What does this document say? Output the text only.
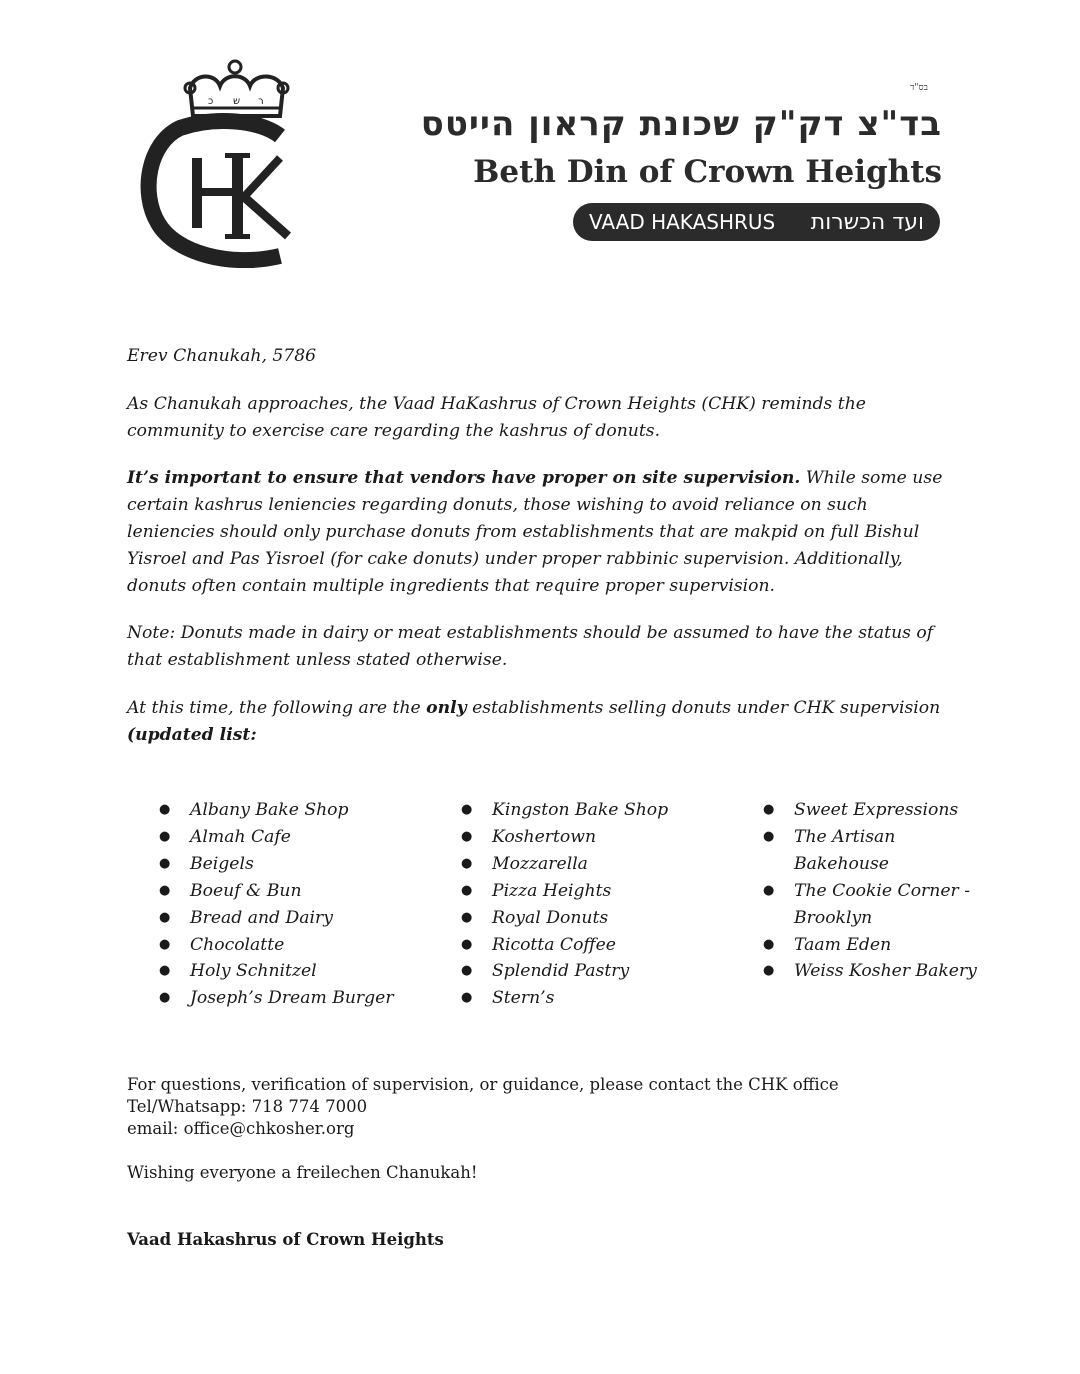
כ ש ר
בס"ד
בד"צ דק"ק שכונת קראון הייטס
Beth Din of Crown Heights
VAAD HAKASHRUS ועד הכשרות

Erev Chanukah, 5786

As Chanukah approaches, the Vaad HaKashrus of Crown Heights (CHK) reminds the community to exercise care regarding the kashrus of donuts.

It’s important to ensure that vendors have proper on site supervision. While some use certain kashrus leniencies regarding donuts, those wishing to avoid reliance on such leniencies should only purchase donuts from establishments that are makpid on full Bishul Yisroel and Pas Yisroel (for cake donuts) under proper rabbinic supervision. Additionally, donuts often contain multiple ingredients that require proper supervision.

Note: Donuts made in dairy or meat establishments should be assumed to have the status of that establishment unless stated otherwise.

At this time, the following are the only establishments selling donuts under CHK supervision (updated list:

● Albany Bake Shop
● Almah Cafe
● Beigels
● Boeuf & Bun
● Bread and Dairy
● Chocolatte
● Holy Schnitzel
● Joseph’s Dream Burger
● Kingston Bake Shop
● Koshertown
● Mozzarella
● Pizza Heights
● Royal Donuts
● Ricotta Coffee
● Splendid Pastry
● Stern’s
● Sweet Expressions
● The Artisan Bakehouse
● The Cookie Corner - Brooklyn
● Taam Eden
● Weiss Kosher Bakery
For questions, verification of supervision, or guidance, please contact the CHK office
Tel/Whatsapp: 718 774 7000
email: office@chkosher.org
Wishing everyone a freilechen Chanukah!
Vaad Hakashrus of Crown Heights
